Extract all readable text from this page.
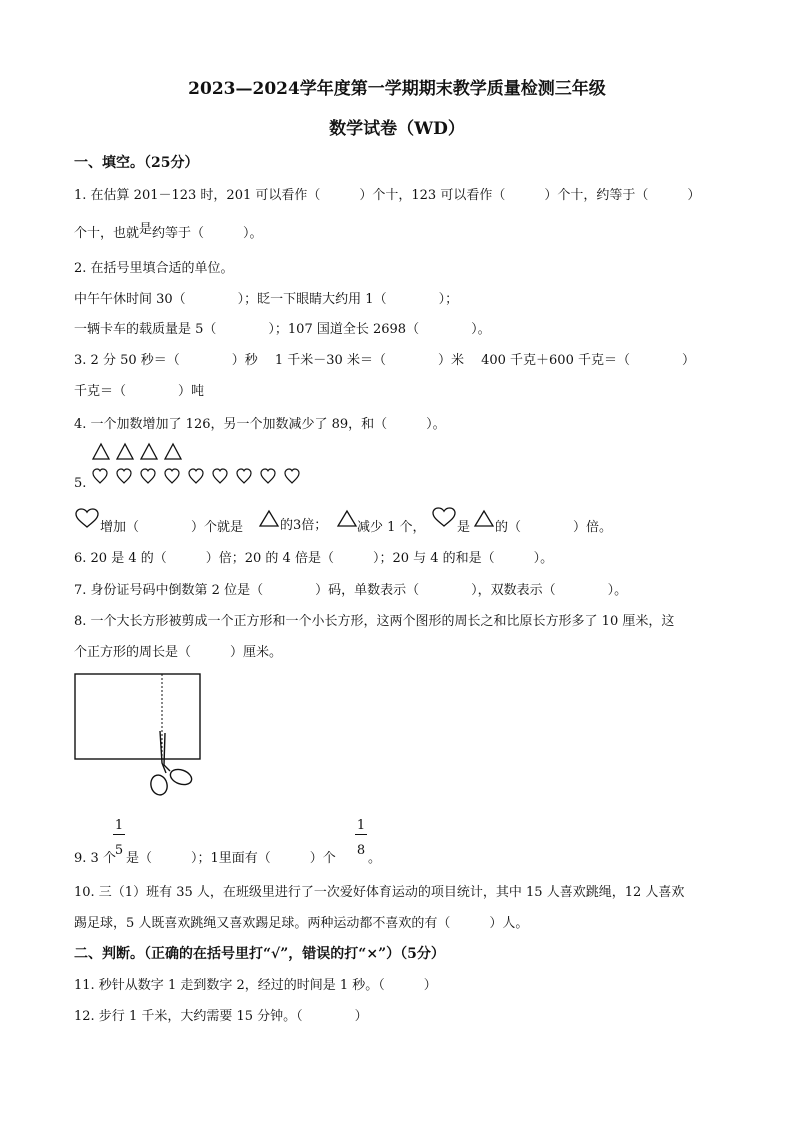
2023—2024学年度第一学期期末教学质量检测三年级
数学试卷（WD）
一、填空。（25分）
1. 在估算 201－123 时，201 可以看作（　　　）个十，123 可以看作（　　　）个十，约等于（　　　）
个十，也就是约等于（　　　）。
2. 在括号里填合适的单位。
中午午休时间 30（　　　　）；眨一下眼睛大约用 1（　　　　）；
一辆卡车的载质量是 5（　　　　）；107 国道全长 2698（　　　　）。
3. 2 分 50 秒＝（　　　　）秒　 1 千米－30 米＝（　　　　）米　 400 千克＋600 千克＝（　　　　）
千克＝（　　　　）吨
4. 一个加数增加了 126，另一个加数减少了 89，和（　　　）。
5.
增加（　　　　）个就是	的3倍； 减少 1 个， 是 的（　　　　）倍。
6. 20 是 4 的（　　　）倍；20 的 4 倍是（　　　）；20 与 4 的和是（　　　）。
7. 身份证号码中倒数第 2 位是（　　　　）码，单数表示（　　　　），双数表示（　　　　）。
8. 一个大长方形被剪成一个正方形和一个小长方形，这两个图形的周长之和比原长方形多了 10 厘米，这
个正方形的周长是（　　　）厘米。
9. 3 个
$\frac{1}{5}$ 是（　　　）；1里面有（　　　）个 $\frac{1}{8}$ 。
10. 三（1）班有 35 人，在班级里进行了一次爱好体育运动的项目统计，其中 15 人喜欢跳绳，12 人喜欢
踢足球，5 人既喜欢跳绳又喜欢踢足球。两种运动都不喜欢的有（　　　）人。
二、判断。（正确的在括号里打“√”，错误的打“×”）（5分）
11. 秒针从数字 1 走到数字 2，经过的时间是 1 秒。（　　　）
12. 步行 1 千米，大约需要 15 分钟。（　　　　）
